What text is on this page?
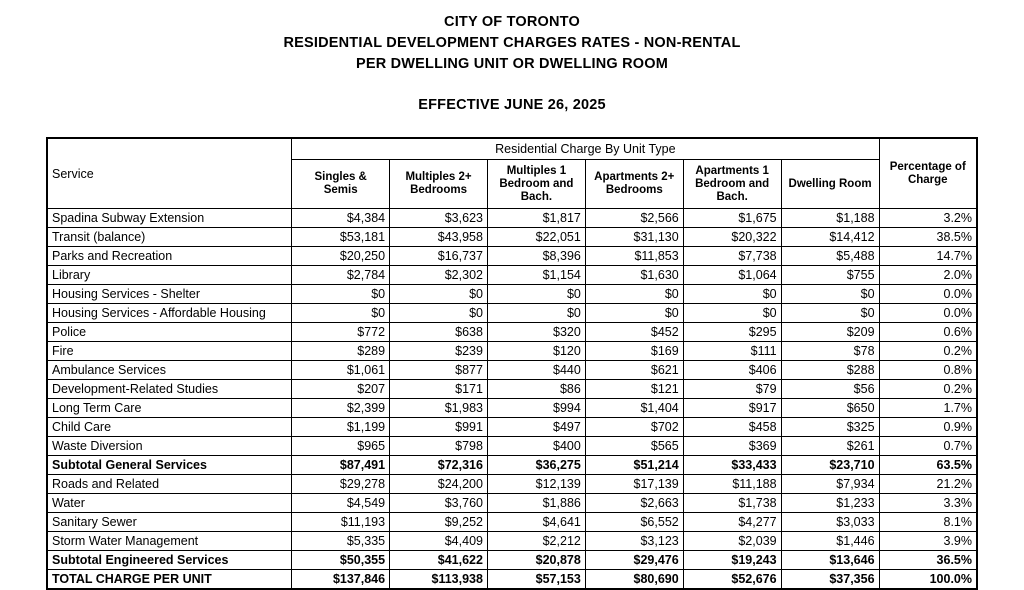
CITY OF TORONTO
RESIDENTIAL DEVELOPMENT CHARGES RATES - NON-RENTAL
PER DWELLING UNIT OR DWELLING ROOM
EFFECTIVE JUNE 26, 2025
Service	Residential Charge By Unit Type						Percentage of Charge
	Singles & Semis	Multiples 2+ Bedrooms	Multiples 1 Bedroom and Bach.	Apartments 2+ Bedrooms	Apartments 1 Bedroom and Bach.	Dwelling Room	
Spadina Subway Extension	$4,384	$3,623	$1,817	$2,566	$1,675	$1,188	3.2%
Transit (balance)	$53,181	$43,958	$22,051	$31,130	$20,322	$14,412	38.5%
Parks and Recreation	$20,250	$16,737	$8,396	$11,853	$7,738	$5,488	14.7%
Library	$2,784	$2,302	$1,154	$1,630	$1,064	$755	2.0%
Housing Services - Shelter	$0	$0	$0	$0	$0	$0	0.0%
Housing Services - Affordable Housing	$0	$0	$0	$0	$0	$0	0.0%
Police	$772	$638	$320	$452	$295	$209	0.6%
Fire	$289	$239	$120	$169	$111	$78	0.2%
Ambulance Services	$1,061	$877	$440	$621	$406	$288	0.8%
Development-Related Studies	$207	$171	$86	$121	$79	$56	0.2%
Long Term Care	$2,399	$1,983	$994	$1,404	$917	$650	1.7%
Child Care	$1,199	$991	$497	$702	$458	$325	0.9%
Waste Diversion	$965	$798	$400	$565	$369	$261	0.7%
Subtotal General Services	$87,491	$72,316	$36,275	$51,214	$33,433	$23,710	63.5%
Roads and Related	$29,278	$24,200	$12,139	$17,139	$11,188	$7,934	21.2%
Water	$4,549	$3,760	$1,886	$2,663	$1,738	$1,233	3.3%
Sanitary Sewer	$11,193	$9,252	$4,641	$6,552	$4,277	$3,033	8.1%
Storm Water Management	$5,335	$4,409	$2,212	$3,123	$2,039	$1,446	3.9%
Subtotal Engineered Services	$50,355	$41,622	$20,878	$29,476	$19,243	$13,646	36.5%
TOTAL CHARGE PER UNIT	$137,846	$113,938	$57,153	$80,690	$52,676	$37,356	100.0%
